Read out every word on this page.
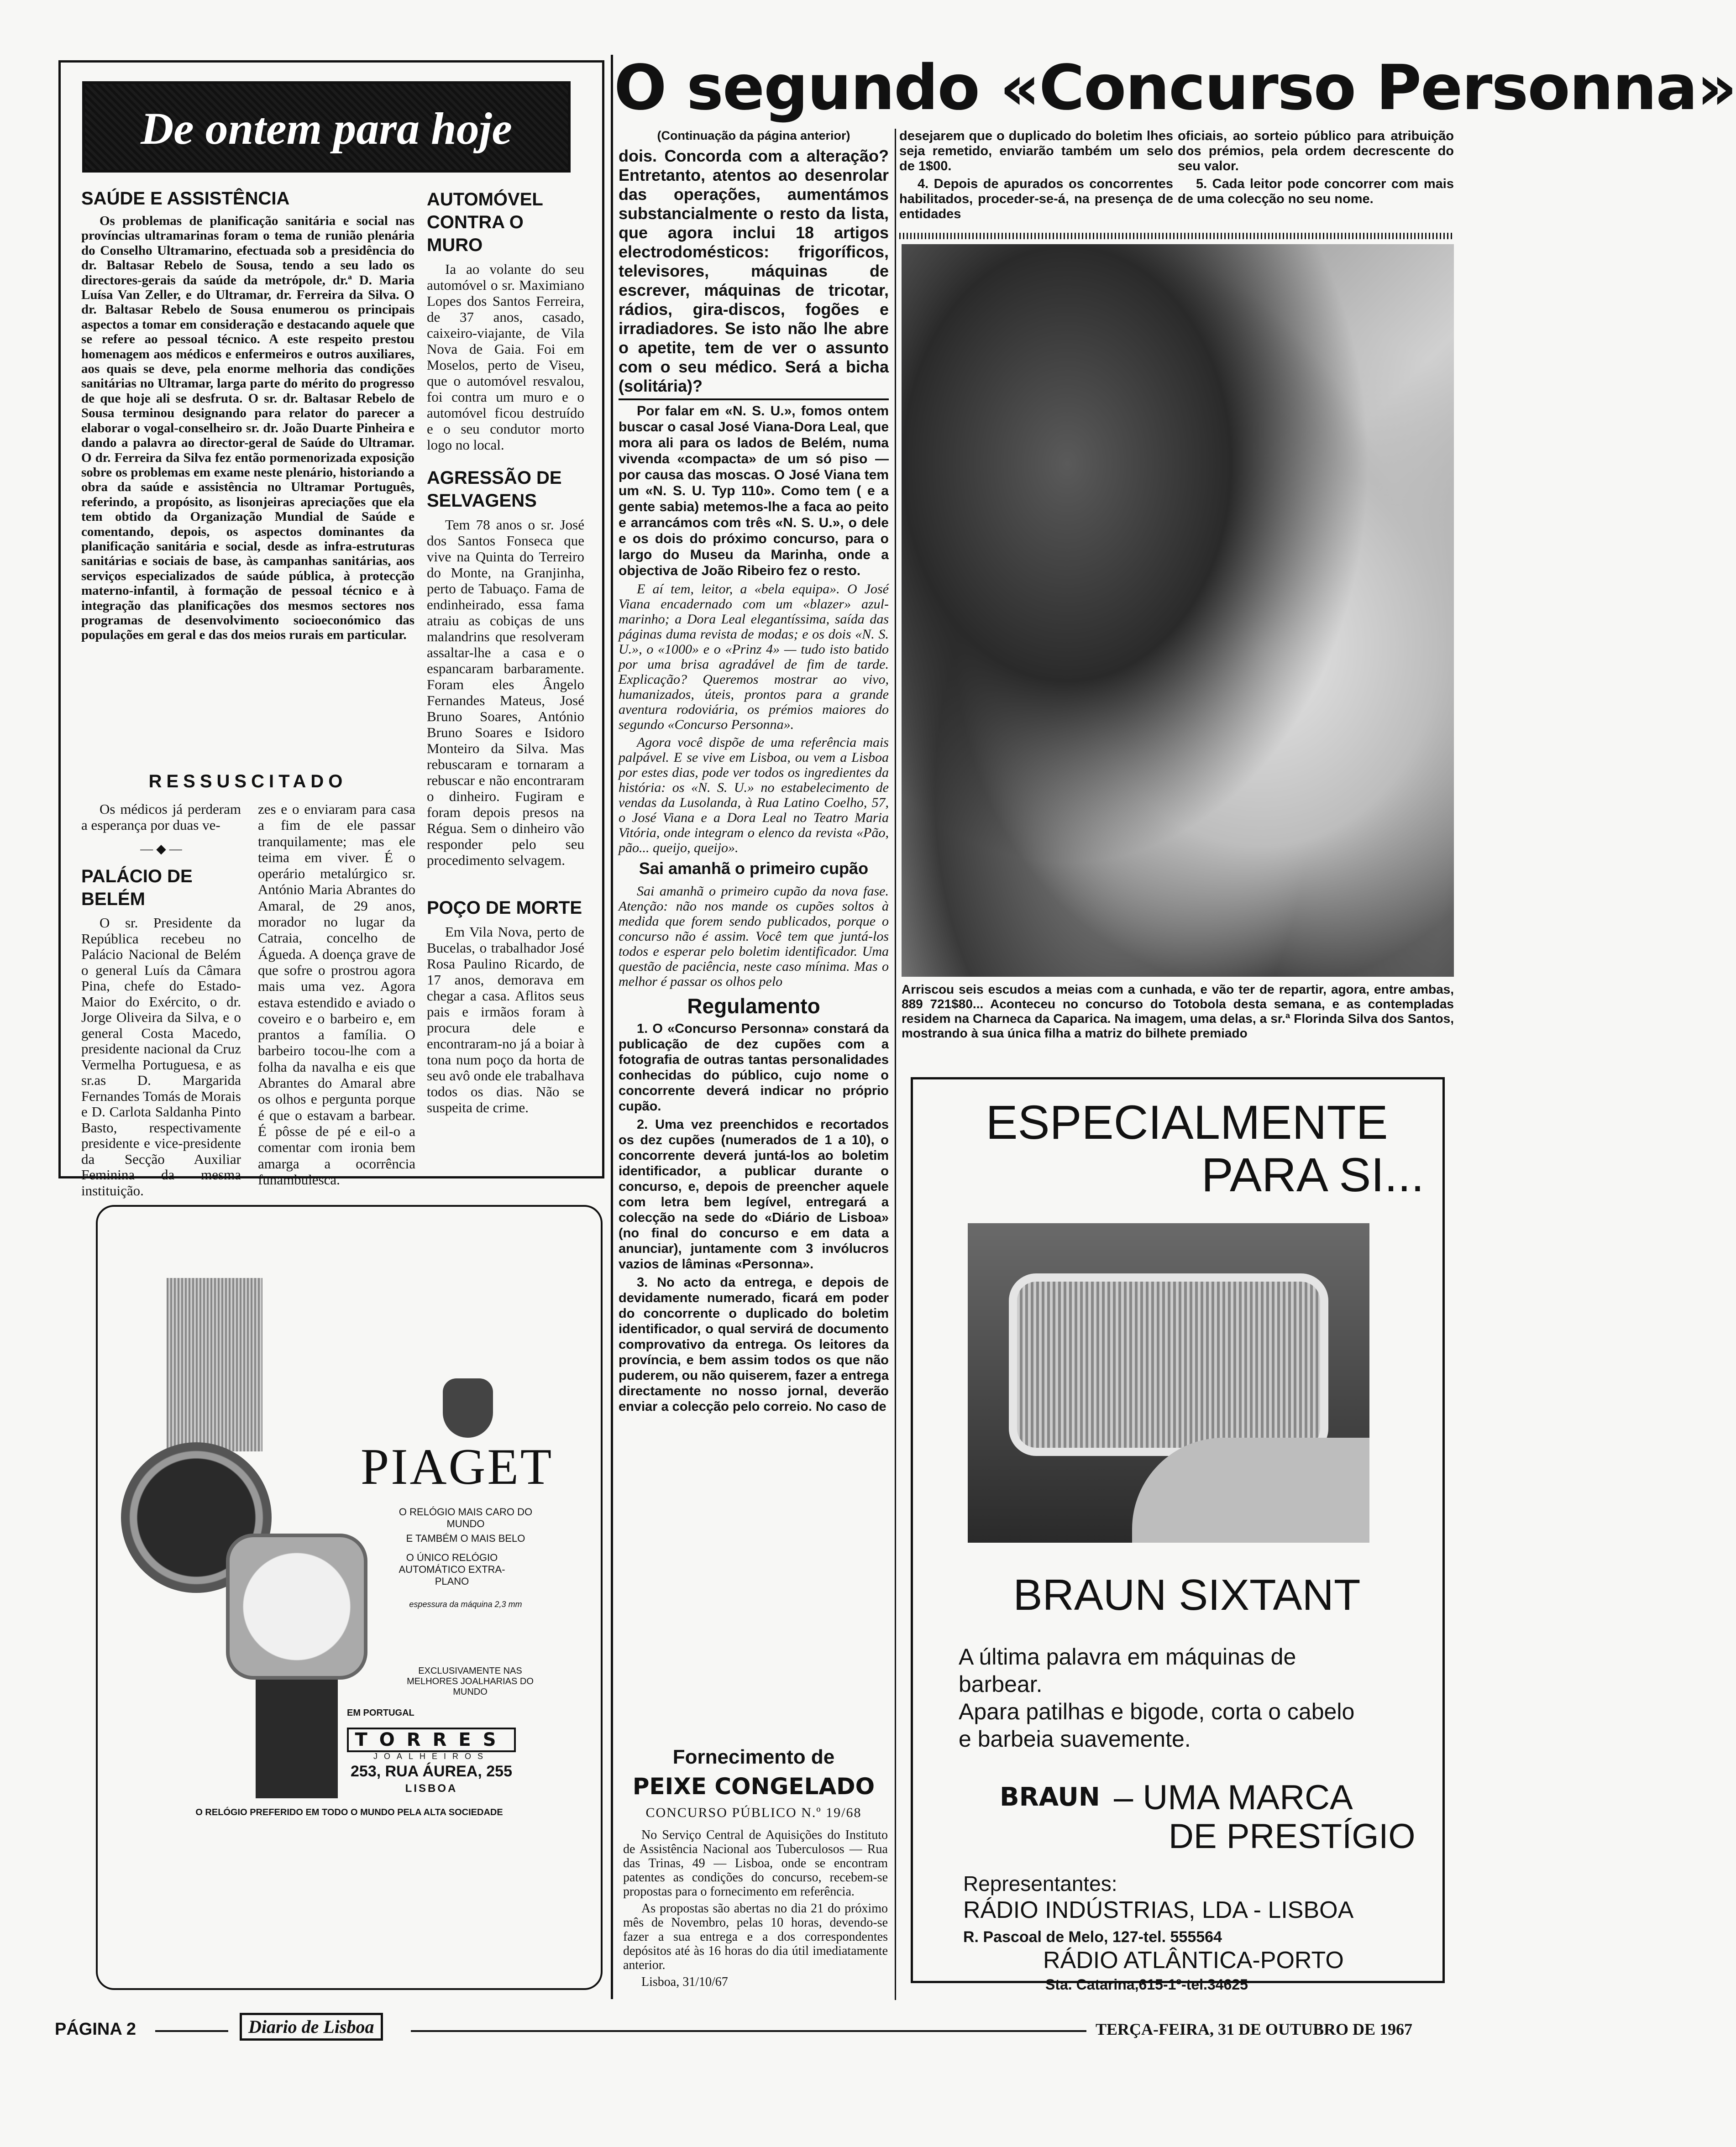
De ontem para hoje
SAÚDE E ASSISTÊNCIA

Os problemas de planificação sanitária e social nas províncias ultramarinas foram o tema de runião plenária do Conselho Ultramarino, efectuada sob a presidência do dr. Baltasar Rebelo de Sousa, tendo a seu lado os directores-gerais da saúde da metrópole, dr.ª D. Maria Luísa Van Zeller, e do Ultramar, dr. Ferreira da Silva. O dr. Baltasar Rebelo de Sousa enumerou os principais aspectos a tomar em consideração e destacando aquele que se refere ao pessoal técnico. A este respeito prestou homenagem aos médicos e enfermeiros e outros auxiliares, aos quais se deve, pela enorme melhoria das condições sanitárias no Ultramar, larga parte do mérito do progresso de que hoje ali se desfruta. O sr. dr. Baltasar Rebelo de Sousa terminou designando para relator do parecer a elaborar o vogal-conselheiro sr. dr. João Duarte Pinheira e dando a palavra ao director-geral de Saúde do Ultramar. O dr. Ferreira da Silva fez então pormenorizada exposição sobre os problemas em exame neste plenário, historiando a obra da saúde e assistência no Ultramar Português, referindo, a propósito, as lisonjeiras apreciações que ela tem obtido da Organização Mundial de Saúde e comentando, depois, os aspectos dominantes da planificação sanitária e social, desde as infra-estruturas sanitárias e sociais de base, às campanhas sanitárias, aos serviços especializados de saúde pública, à protecção materno-infantil, à formação de pessoal técnico e à integração das planificações dos mesmos sectores nos programas de desenvolvimento socioeconómico das populações em geral e das dos meios rurais em particular.

AUTOMÓVEL CONTRA O MURO

Ia ao volante do seu automóvel o sr. Maximiano Lopes dos Santos Ferreira, de 37 anos, casado, caixeiro-viajante, de Vila Nova de Gaia. Foi em Moselos, perto de Viseu, que o automóvel resvalou, foi contra um muro e o automóvel ficou destruído e o seu condutor morto logo no local.

AGRESSÃO DE SELVAGENS

Tem 78 anos o sr. José dos Santos Fonseca que vive na Quinta do Terreiro do Monte, na Granjinha, perto de Tabuaço. Fama de endinheirado, essa fama atraiu as cobiças de uns malandrins que resolveram assaltar-lhe a casa e o espancaram barbaramente. Foram eles Ângelo Fernandes Mateus, José Bruno Soares, António Bruno Soares e Isidoro Monteiro da Silva. Mas rebuscaram e tornaram a rebuscar e não encontraram o dinheiro. Fugiram e foram depois presos na Régua. Sem o dinheiro vão responder pelo seu procedimento selvagem.

RESSUSCITADO

Os médicos já perderam a esperança por duas ve-

— ◆ —
PALÁCIO DE BELÉM

O sr. Presidente da República recebeu no Palácio Nacional de Belém o general Luís da Câmara Pina, chefe do Estado-Maior do Exército, o dr. Jorge Oliveira da Silva, e o general Costa Macedo, presidente nacional da Cruz Vermelha Portuguesa, e as sr.as D. Margarida Fernandes Tomás de Morais e D. Carlota Saldanha Pinto Basto, respectivamente presidente e vice-presidente da Secção Auxiliar Feminina da mesma instituição.

zes e o enviaram para casa a fim de ele passar tranquilamente; mas ele teima em viver. É o operário metalúrgico sr. António Maria Abrantes do Amaral, de 29 anos, morador no lugar da Catraia, concelho de Águeda. A doença grave de que sofre o prostrou agora mais uma vez. Agora estava estendido e aviado o coveiro e o barbeiro e, em prantos a família. O barbeiro tocou-lhe com a folha da navalha e eis que Abrantes do Amaral abre os olhos e pergunta porque é que o estavam a barbear. É pôsse de pé e eil-o a comentar com ironia bem amarga a ocorrência funambulesca.

POÇO DE MORTE

Em Vila Nova, perto de Bucelas, o trabalhador José Rosa Paulino Ricardo, de 17 anos, demorava em chegar a casa. Aflitos seus pais e irmãos foram à procura dele e encontraram-no já a boiar à tona num poço da horta de seu avô onde ele trabalhava todos os dias. Não se suspeita de crime.

O segundo «Concurso Personna»
(Continuação da página anterior)

dois. Concorda com a alteração? Entretanto, atentos ao desenrolar das operações, aumentámos substancialmente o resto da lista, que agora inclui 18 artigos electrodomésticos: frigoríficos, televisores, máquinas de escrever, máquinas de tricotar, rádios, gira-discos, fogões e irradiadores. Se isto não lhe abre o apetite, tem de ver o assunto com o seu médico. Será a bicha (solitária)?

Por falar em «N. S. U.», fomos ontem buscar o casal José Viana-Dora Leal, que mora ali para os lados de Belém, numa vivenda «compacta» de um só piso — por causa das moscas. O José Viana tem um «N. S. U. Typ 110». Como tem ( e a gente sabia) metemos-lhe a faca ao peito e arrancámos com três «N. S. U.», o dele e os dois do próximo concurso, para o largo do Museu da Marinha, onde a objectiva de João Ribeiro fez o resto.

E aí tem, leitor, a «bela equipa». O José Viana encadernado com um «blazer» azul-marinho; a Dora Leal elegantíssima, saída das páginas duma revista de modas; e os dois «N. S. U.», o «1000» e o «Prinz 4» — tudo isto batido por uma brisa agradável de fim de tarde. Explicação? Queremos mostrar ao vivo, humanizados, úteis, prontos para a grande aventura rodoviária, os prémios maiores do segundo «Concurso Personna».

Agora você dispõe de uma referência mais palpável. E se vive em Lisboa, ou vem a Lisboa por estes dias, pode ver todos os ingredientes da história: os «N. S. U.» no estabelecimento de vendas da Lusolanda, à Rua Latino Coelho, 57, o José Viana e a Dora Leal no Teatro Maria Vitória, onde integram o elenco da revista «Pão, pão... queijo, queijo».

Sai amanhã o primeiro cupão

Sai amanhã o primeiro cupão da nova fase. Atenção: não nos mande os cupões soltos à medida que forem sendo publicados, porque o concurso não é assim. Você tem que juntá-los todos e esperar pelo boletim identificador. Uma questão de paciência, neste caso mínima. Mas o melhor é passar os olhos pelo

Regulamento

1. O «Concurso Personna» constará da publicação de dez cupões com a fotografia de outras tantas personalidades conhecidas do público, cujo nome o concorrente deverá indicar no próprio cupão.

2. Uma vez preenchidos e recortados os dez cupões (numerados de 1 a 10), o concorrente deverá juntá-los ao boletim identificador, a publicar durante o concurso, e, depois de preencher aquele com letra bem legível, entregará a colecção na sede do «Diário de Lisboa» (no final do concurso e em data a anunciar), juntamente com 3 invólucros vazios de lâminas «Personna».

3. No acto da entrega, e depois de devidamente numerado, ficará em poder do concorrente o duplicado do boletim identificador, o qual servirá de documento comprovativo da entrega. Os leitores da província, e bem assim todos os que não puderem, ou não quiserem, fazer a entrega directamente no nosso jornal, deverão enviar a colecção pelo correio. No caso de

desejarem que o duplicado do boletim lhes seja remetido, enviarão também um selo de 1$00.

4. Depois de apurados os concorrentes habilitados, proceder-se-á, na presença de entidades

oficiais, ao sorteio público para atribuição dos prémios, pela ordem decrescente do seu valor.

5. Cada leitor pode concorrer com mais de uma colecção no seu nome.

Arriscou seis escudos a meias com a cunhada, e vão ter de repartir, agora, entre ambas, 889 721$80... Aconteceu no concurso do Totobola desta semana, e as contempladas residem na Charneca da Caparica. Na imagem, uma delas, a sr.ª Florinda Silva dos Santos, mostrando à sua única filha a matriz do bilhete premiado
ESPECIALMENTE
PARA SI...
BRAUN SIXTANT
A última palavra em máquinas de barbear.
Apara patilhas e bigode, corta o cabelo e barbeia suavemente.
BRAUN – UMA MARCA
DE PRESTÍGIO
Representantes:
RÁDIO INDÚSTRIAS, LDA - LISBOA
R. Pascoal de Melo, 127-tel. 555564
RÁDIO ATLÂNTICA-PORTO
Sta. Catarina,615-1º-tel.34625
Fornecimento de
PEIXE CONGELADO
CONCURSO PÚBLICO N.º 19/68

No Serviço Central de Aquisições do Instituto de Assistência Nacional aos Tuberculosos — Rua das Trinas, 49 — Lisboa, onde se encontram patentes as condições do concurso, recebem-se propostas para o fornecimento em referência.

As propostas são abertas no dia 21 do próximo mês de Novembro, pelas 10 horas, devendo-se fazer a sua entrega e a dos correspondentes depósitos até às 16 horas do dia útil imediatamente anterior.

Lisboa, 31/10/67

PIAGET
O RELÓGIO MAIS CARO DO MUNDO
E TAMBÉM O MAIS BELO
O ÚNICO RELÓGIO AUTOMÁTICO EXTRA-PLANO
espessura da máquina 2,3 mm
EXCLUSIVAMENTE NAS MELHORES JOALHARIAS DO MUNDO
EM PORTUGAL
TORRES
JOALHEIROS
253, RUA ÁUREA, 255
LISBOA
O RELÓGIO PREFERIDO EM TODO O MUNDO PELA ALTA SOCIEDADE
PÁGINA 2	Diario de Lisboa	TERÇA-FEIRA, 31 DE OUTUBRO DE 1967
